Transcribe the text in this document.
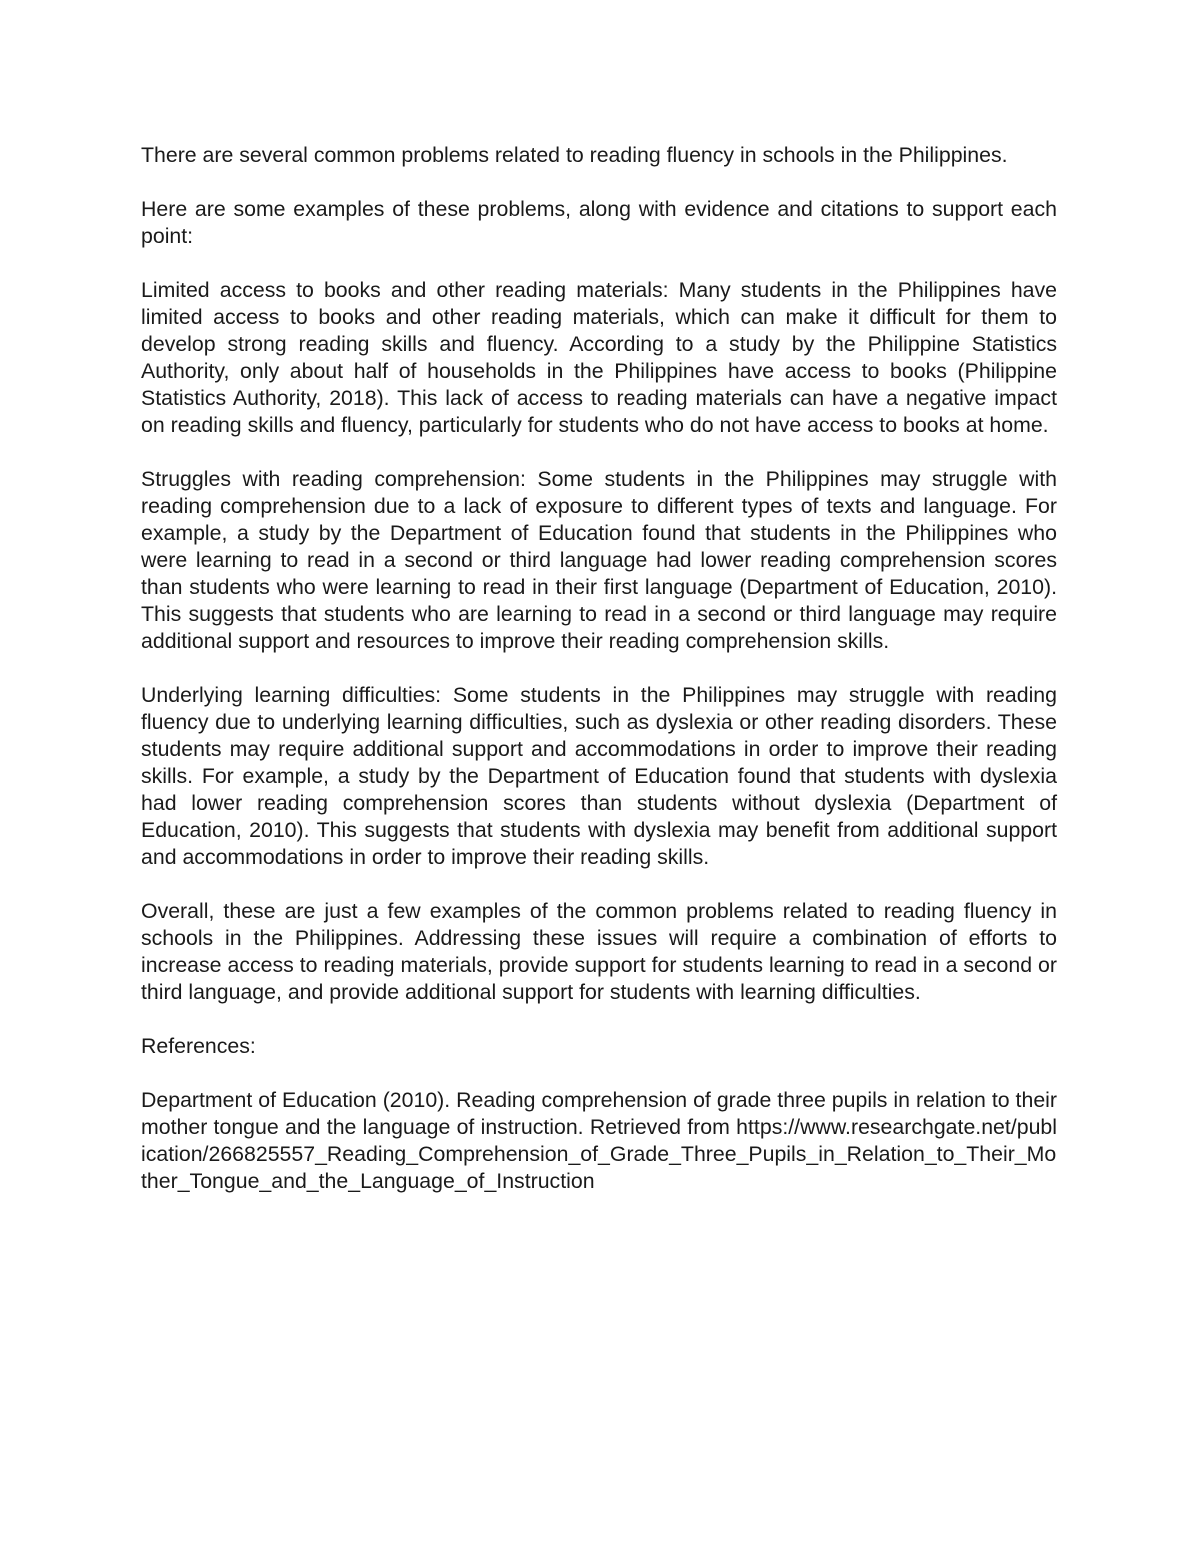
There are several common problems related to reading fluency in schools in the Philippines.

Here are some examples of these problems, along with evidence and citations to support each point:

Limited access to books and other reading materials: Many students in the Philippines have limited access to books and other reading materials, which can make it difficult for them to develop strong reading skills and fluency. According to a study by the Philippine Statistics Authority, only about half of households in the Philippines have access to books (Philippine Statistics Authority, 2018). This lack of access to reading materials can have a negative impact on reading skills and fluency, particularly for students who do not have access to books at home.

Struggles with reading comprehension: Some students in the Philippines may struggle with reading comprehension due to a lack of exposure to different types of texts and language. For example, a study by the Department of Education found that students in the Philippines who were learning to read in a second or third language had lower reading comprehension scores than students who were learning to read in their first language (Department of Education, 2010). This suggests that students who are learning to read in a second or third language may require additional support and resources to improve their reading comprehension skills.

Underlying learning difficulties: Some students in the Philippines may struggle with reading fluency due to underlying learning difficulties, such as dyslexia or other reading disorders. These students may require additional support and accommodations in order to improve their reading skills. For example, a study by the Department of Education found that students with dyslexia had lower reading comprehension scores than students without dyslexia (Department of Education, 2010). This suggests that students with dyslexia may benefit from additional support and accommodations in order to improve their reading skills.

Overall, these are just a few examples of the common problems related to reading fluency in schools in the Philippines. Addressing these issues will require a combination of efforts to increase access to reading materials, provide support for students learning to read in a second or third language, and provide additional support for students with learning difficulties.

References:

Department of Education (2010). Reading comprehension of grade three pupils in relation to their mother tongue and the language of instruction. Retrieved from https://www.researchgate.net/publication/266825557_Reading_Comprehension_of_Grade_Three_Pupils_in_Relation_to_Their_Mother_Tongue_and_the_Language_of_Instruction
